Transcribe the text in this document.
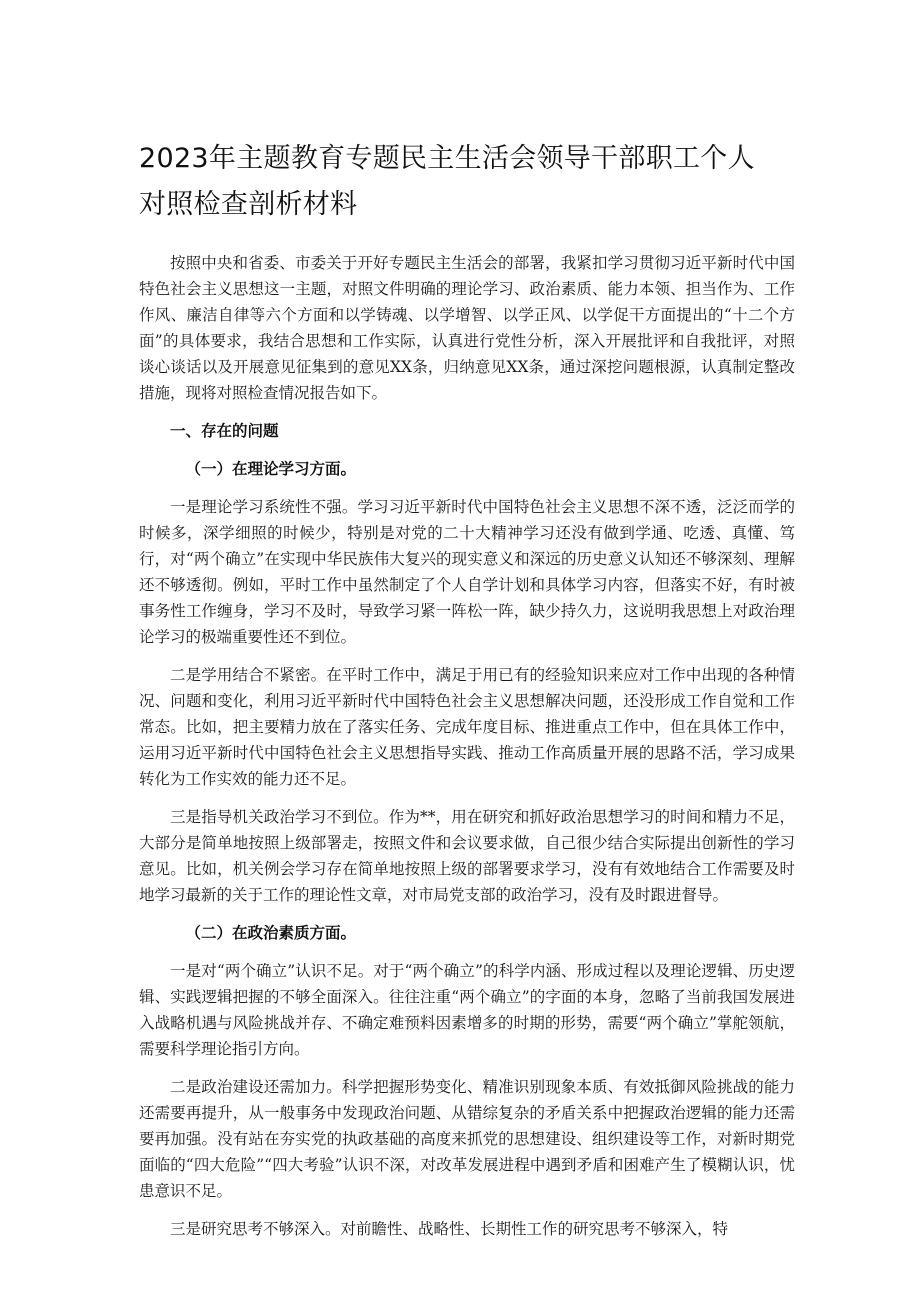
2023年主题教育专题民主生活会领导干部职工个人
对照检查剖析材料

按照中央和省委、市委关于开好专题民主生活会的部署，我紧扣学习贯彻习近平新时代中国特色社会主义思想这一主题，对照文件明确的理论学习、政治素质、能力本领、担当作为、工作作风、廉洁自律等六个方面和以学铸魂、以学增智、以学正风、以学促干方面提出的“十二个方面”的具体要求，我结合思想和工作实际，认真进行党性分析，深入开展批评和自我批评，对照谈心谈话以及开展意见征集到的意见XX条，归纳意见XX条，通过深挖问题根源，认真制定整改措施，现将对照检查情况报告如下。

一、存在的问题

（一）在理论学习方面。

一是理论学习系统性不强。学习习近平新时代中国特色社会主义思想不深不透，泛泛而学的时候多，深学细照的时候少，特别是对党的二十大精神学习还没有做到学通、吃透、真懂、笃行，对“两个确立”在实现中华民族伟大复兴的现实意义和深远的历史意义认知还不够深刻、理解还不够透彻。例如，平时工作中虽然制定了个人自学计划和具体学习内容，但落实不好，有时被事务性工作缠身，学习不及时，导致学习紧一阵松一阵，缺少持久力，这说明我思想上对政治理论学习的极端重要性还不到位。

二是学用结合不紧密。在平时工作中，满足于用已有的经验知识来应对工作中出现的各种情况、问题和变化，利用习近平新时代中国特色社会主义思想解决问题，还没形成工作自觉和工作常态。比如，把主要精力放在了落实任务、完成年度目标、推进重点工作中，但在具体工作中，运用习近平新时代中国特色社会主义思想指导实践、推动工作高质量开展的思路不活，学习成果转化为工作实效的能力还不足。

三是指导机关政治学习不到位。作为**，用在研究和抓好政治思想学习的时间和精力不足，大部分是简单地按照上级部署走，按照文件和会议要求做，自己很少结合实际提出创新性的学习意见。比如，机关例会学习存在简单地按照上级的部署要求学习，没有有效地结合工作需要及时地学习最新的关于工作的理论性文章，对市局党支部的政治学习，没有及时跟进督导。

（二）在政治素质方面。

一是对“两个确立”认识不足。对于“两个确立”的科学内涵、形成过程以及理论逻辑、历史逻辑、实践逻辑把握的不够全面深入。往往注重“两个确立”的字面的本身，忽略了当前我国发展进入战略机遇与风险挑战并存、不确定难预料因素增多的时期的形势，需要“两个确立”掌舵领航，需要科学理论指引方向。

二是政治建设还需加力。科学把握形势变化、精准识别现象本质、有效抵御风险挑战的能力还需要再提升，从一般事务中发现政治问题、从错综复杂的矛盾关系中把握政治逻辑的能力还需要再加强。没有站在夯实党的执政基础的高度来抓党的思想建设、组织建设等工作，对新时期党面临的“四大危险”“四大考验”认识不深，对改革发展进程中遇到矛盾和困难产生了模糊认识，忧患意识不足。

三是研究思考不够深入。对前瞻性、战略性、长期性工作的研究思考不够深入，特
